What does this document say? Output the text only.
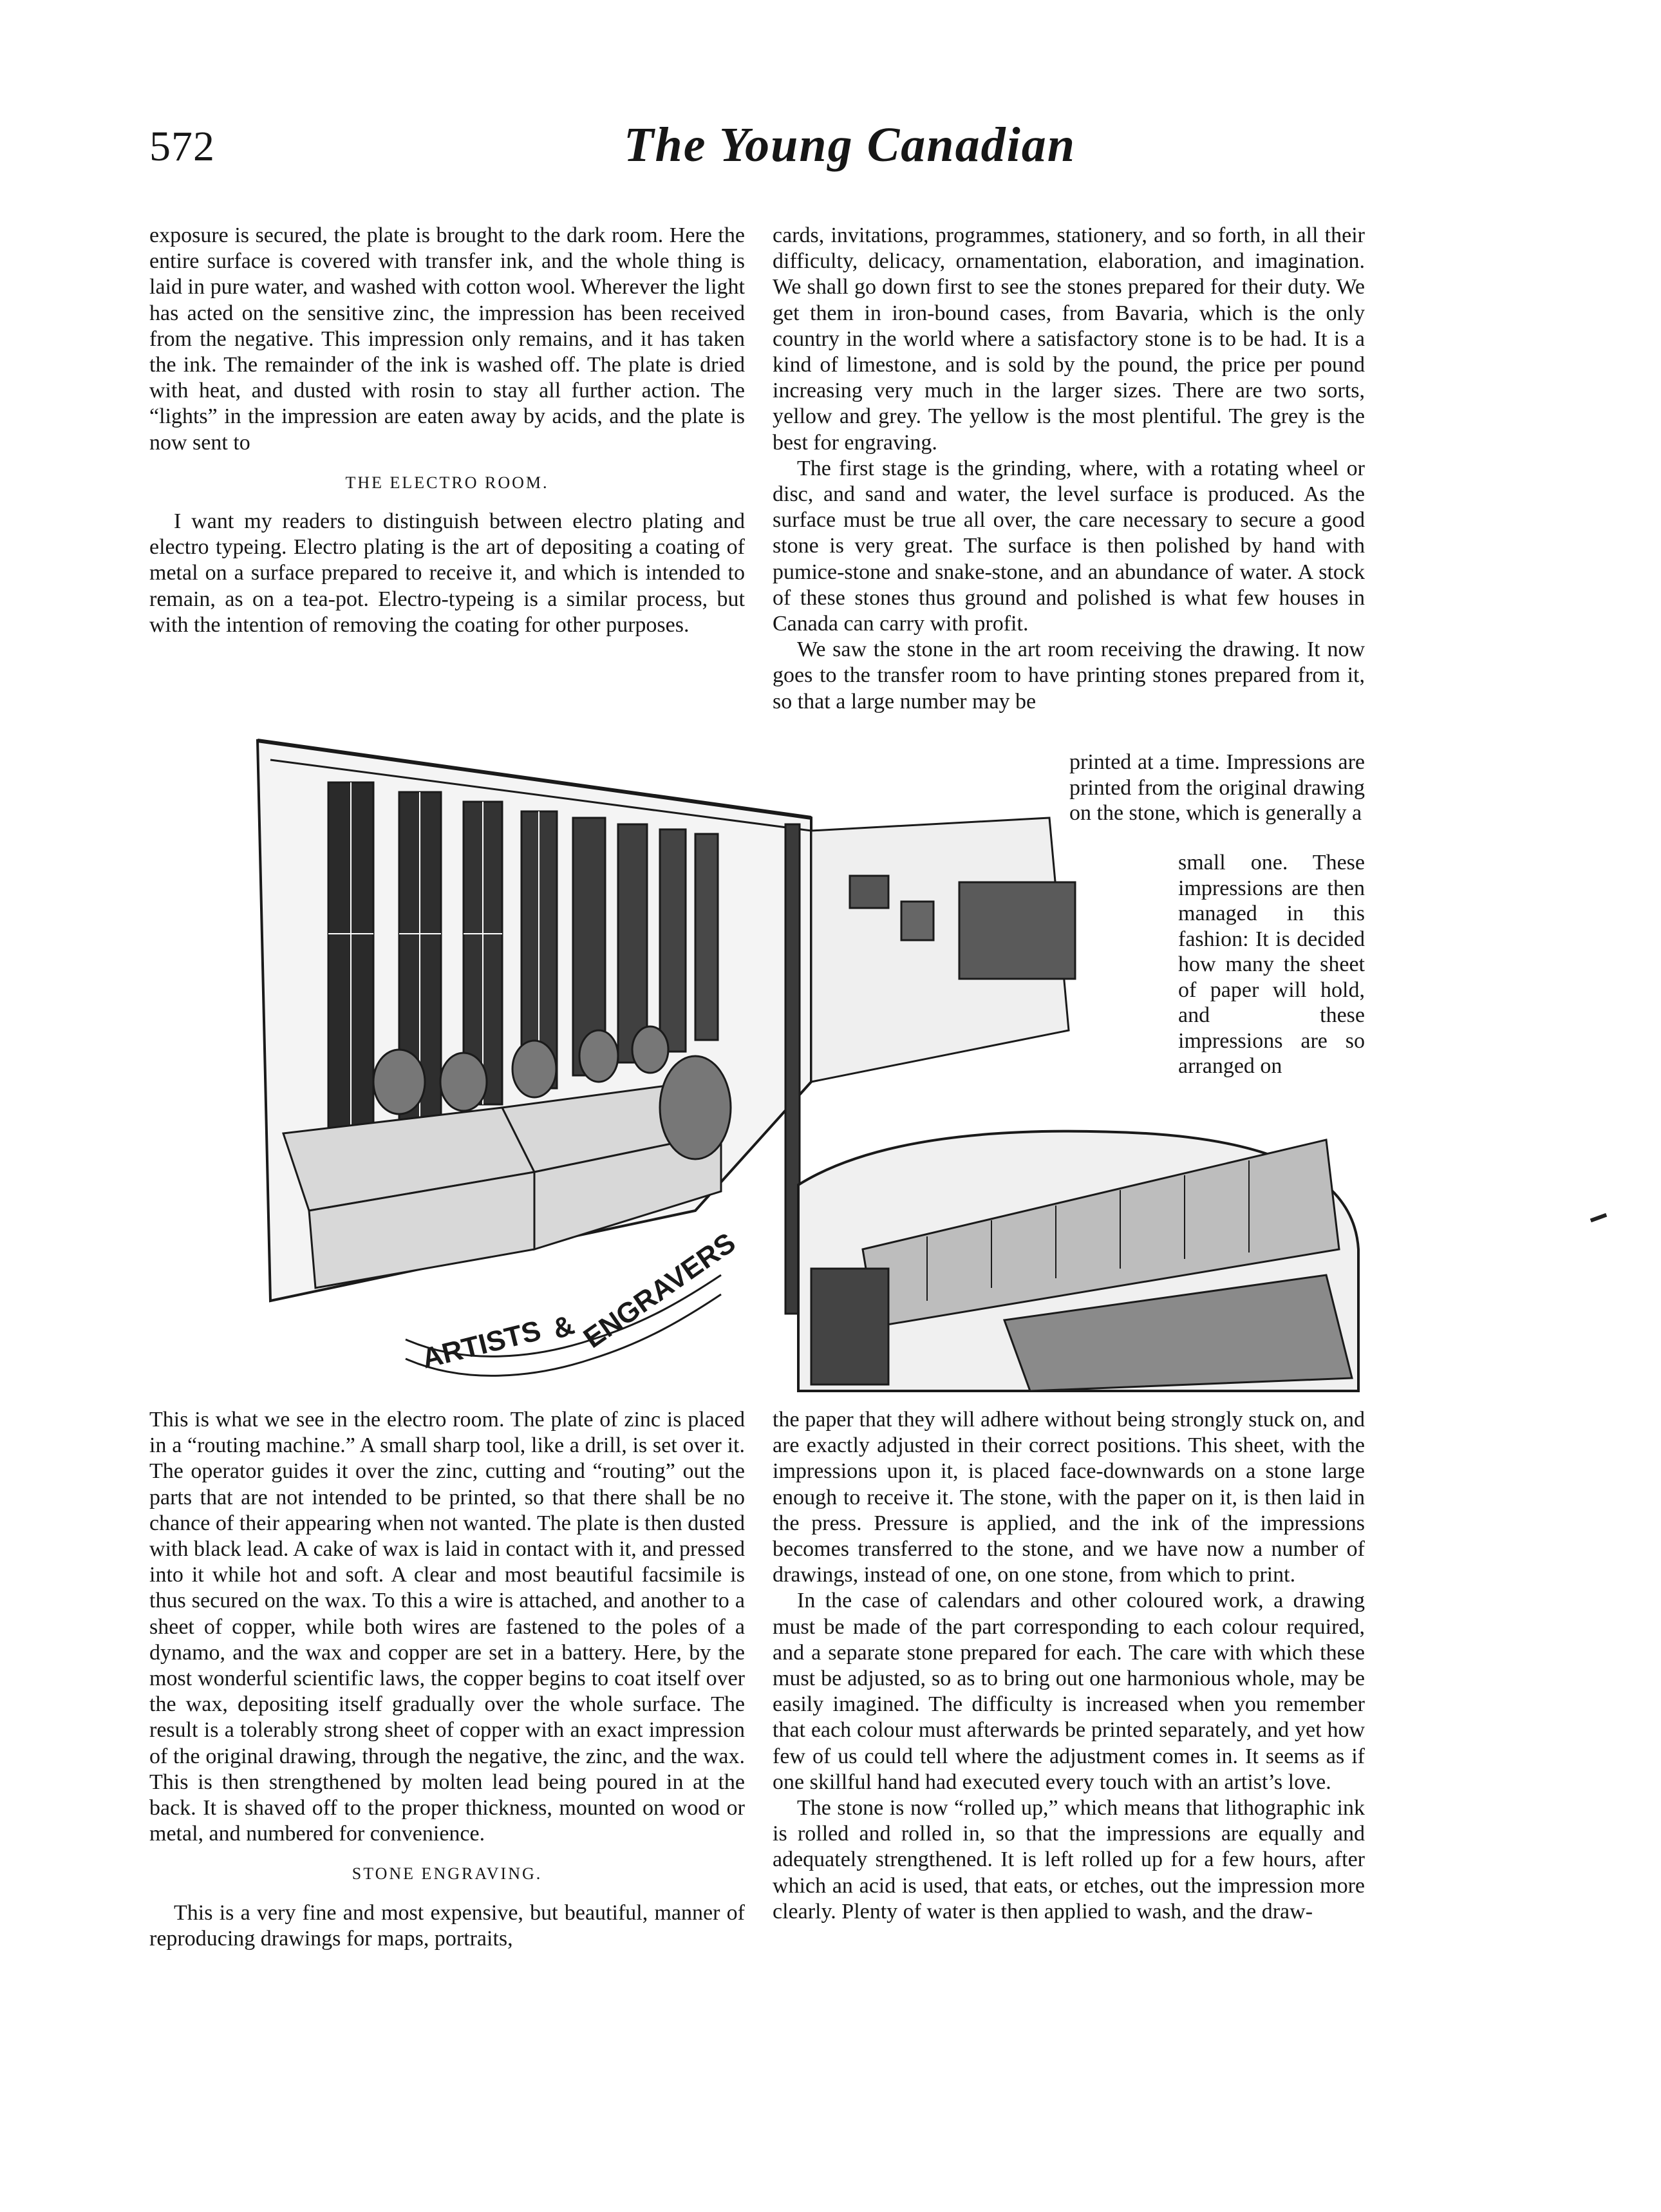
572	The Young Canadian

exposure is secured, the plate is brought to the dark room. Here the entire surface is covered with transfer ink, and the whole thing is laid in pure water, and washed with cotton wool. Wherever the light has acted on the sensitive zinc, the impression has been received from the negative. This impression only remains, and it has taken the ink. The remainder of the ink is washed off. The plate is dried with heat, and dusted with rosin to stay all further action. The “lights” in the impression are eaten away by acids, and the plate is now sent to

THE ELECTRO ROOM.

I want my readers to distinguish between electro plating and electro typeing. Electro plating is the art of depositing a coating of metal on a surface prepared to receive it, and which is intended to remain, as on a tea-pot. Electro-typeing is a similar process, but with the intention of removing the coating for other purposes.

cards, invitations, programmes, stationery, and so forth, in all their difficulty, delicacy, ornamentation, elaboration, and imagination. We shall go down first to see the stones prepared for their duty. We get them in iron-bound cases, from Bavaria, which is the only country in the world where a satisfactory stone is to be had. It is a kind of limestone, and is sold by the pound, the price per pound increasing very much in the larger sizes. There are two sorts, yellow and grey. The yellow is the most plentiful. The grey is the best for engraving.

The first stage is the grinding, where, with a rotating wheel or disc, and sand and water, the level surface is produced. As the surface must be true all over, the care necessary to secure a good stone is very great. The surface is then polished by hand with pumice-stone and snake-stone, and an abundance of water. A stock of these stones thus ground and polished is what few houses in Canada can carry with profit.

We saw the stone in the art room receiving the drawing. It now goes to the transfer room to have printing stones prepared from it, so that a large number may be

printed at a time. Impressions are printed from the original drawing on the stone, which is generally a

small one. These impressions are then managed in this fashion: It is decided how many the sheet of paper will hold, and these impressions are so arranged on

ARTISTS & ENGRAVERS

This is what we see in the electro room. The plate of zinc is placed in a “routing machine.” A small sharp tool, like a drill, is set over it. The operator guides it over the zinc, cutting and “routing” out the parts that are not intended to be printed, so that there shall be no chance of their appearing when not wanted. The plate is then dusted with black lead. A cake of wax is laid in contact with it, and pressed into it while hot and soft. A clear and most beautiful facsimile is thus secured on the wax. To this a wire is attached, and another to a sheet of copper, while both wires are fastened to the poles of a dynamo, and the wax and copper are set in a battery. Here, by the most wonderful scientific laws, the copper begins to coat itself over the wax, depositing itself gradually over the whole surface. The result is a tolerably strong sheet of copper with an exact impression of the original drawing, through the negative, the zinc, and the wax. This is then strengthened by molten lead being poured in at the back. It is shaved off to the proper thickness, mounted on wood or metal, and numbered for convenience.

STONE ENGRAVING.

This is a very fine and most expensive, but beautiful, manner of reproducing drawings for maps, portraits,

the paper that they will adhere without being strongly stuck on, and are exactly adjusted in their correct positions. This sheet, with the impressions upon it, is placed face-downwards on a stone large enough to receive it. The stone, with the paper on it, is then laid in the press. Pressure is applied, and the ink of the impressions becomes transferred to the stone, and we have now a number of drawings, instead of one, on one stone, from which to print.

In the case of calendars and other coloured work, a drawing must be made of the part corresponding to each colour required, and a separate stone prepared for each. The care with which these must be adjusted, so as to bring out one harmonious whole, may be easily imagined. The difficulty is increased when you remember that each colour must afterwards be printed separately, and yet how few of us could tell where the adjustment comes in. It seems as if one skillful hand had executed every touch with an artist’s love.

The stone is now “rolled up,” which means that lithographic ink is rolled and rolled in, so that the impressions are equally and adequately strengthened. It is left rolled up for a few hours, after which an acid is used, that eats, or etches, out the impression more clearly. Plenty of water is then applied to wash, and the draw-
